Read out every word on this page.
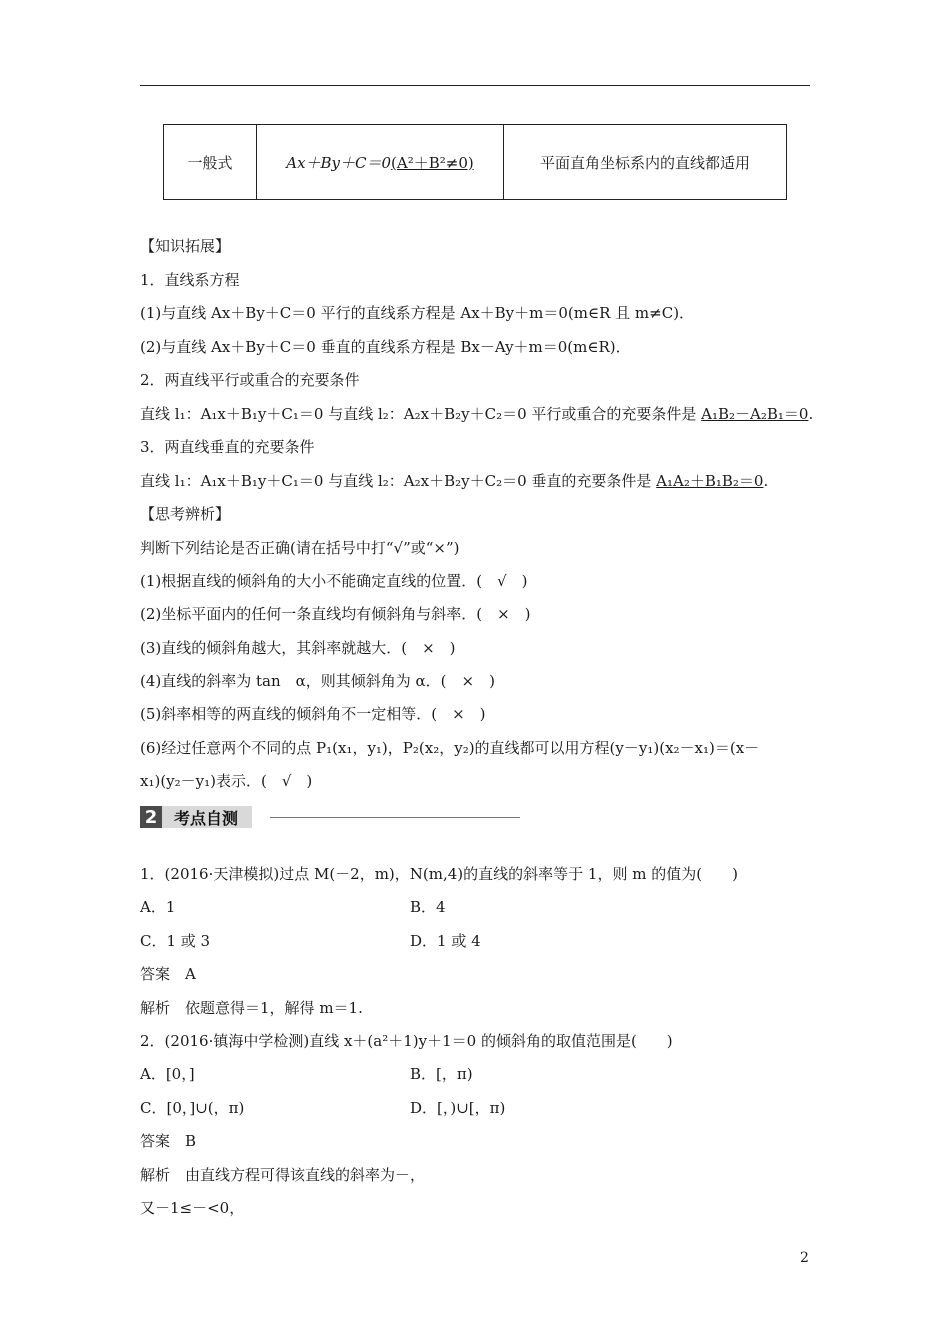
一般式	Ax＋By＋C＝0(A²＋B²≠0)	平面直角坐标系内的直线都适用
【知识拓展】
1．直线系方程
(1)与直线 Ax＋By＋C＝0 平行的直线系方程是 Ax＋By＋m＝0(m∈R 且 m≠C)．
(2)与直线 Ax＋By＋C＝0 垂直的直线系方程是 Bx－Ay＋m＝0(m∈R)．
2．两直线平行或重合的充要条件
直线 l₁：A₁x＋B₁y＋C₁＝0 与直线 l₂：A₂x＋B₂y＋C₂＝0 平行或重合的充要条件是 A₁B₂－A₂B₁＝0.
3．两直线垂直的充要条件
直线 l₁：A₁x＋B₁y＋C₁＝0 与直线 l₂：A₂x＋B₂y＋C₂＝0 垂直的充要条件是 A₁A₂＋B₁B₂＝0.
【思考辨析】
判断下列结论是否正确(请在括号中打“√”或“×”)
(1)根据直线的倾斜角的大小不能确定直线的位置．(　√　)
(2)坐标平面内的任何一条直线均有倾斜角与斜率．(　×　)
(3)直线的倾斜角越大，其斜率就越大．(　×　)
(4)直线的斜率为 tan　α，则其倾斜角为 α．(　×　)
(5)斜率相等的两直线的倾斜角不一定相等．(　×　)
(6)经过任意两个不同的点 P₁(x₁，y₁)，P₂(x₂，y₂)的直线都可以用方程(y－y₁)(x₂－x₁)＝(x－
x₁)(y₂－y₁)表示．(　√　)
2	考点自测
1．(2016·天津模拟)过点 M(－2，m)，N(m,4)的直线的斜率等于 1，则 m 的值为(　　)
A．1	B．4
C．1 或 3	D．1 或 4
答案　A
解析　依题意得＝1，解得 m＝1.
2．(2016·镇海中学检测)直线 x＋(a²＋1)y＋1＝0 的倾斜角的取值范围是(　　)
A．[0，]	B．[，π)
C．[0，]∪(，π)	D．[，)∪[，π)
答案　B
解析　由直线方程可得该直线的斜率为－，
又－1≤－<0，
2
